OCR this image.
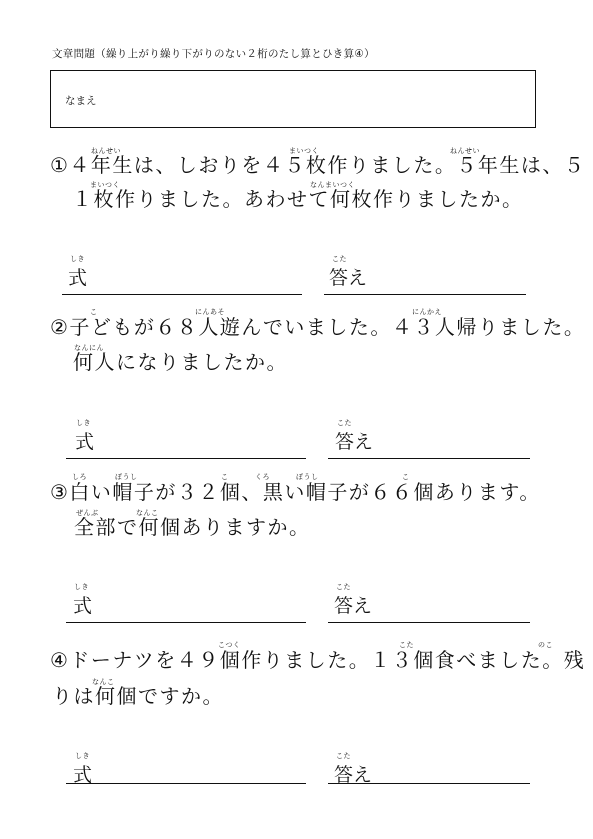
文章問題（繰り上がり繰り下がりのない２桁のたし算とひき算④）
なまえ
ねんせい	まいつく	ねんせい
①４年生は、しおりを４５枚作りました。５年生は、５
まいつく	なんまいつく
１枚作りました。あわせて何枚作りましたか。
しき
式
こた
答え
こ	にんあそ	にんかえ
②子どもが６８人遊んでいました。４３人帰りました。
なんにん
何人になりましたか。
しき
式
こた
答え
しろ	ぼうし	こ	くろ	ぼうし	こ
③白い帽子が３２個、黒い帽子が６６個あります。
ぜんぶ	なんこ
全部で何個ありますか。
しき
式
こた
答え
こつく	こた	のこ
④ドーナツを４９個作りました。１３個食べました。残
なんこ
りは何個ですか。
しき
式
こた
答え
